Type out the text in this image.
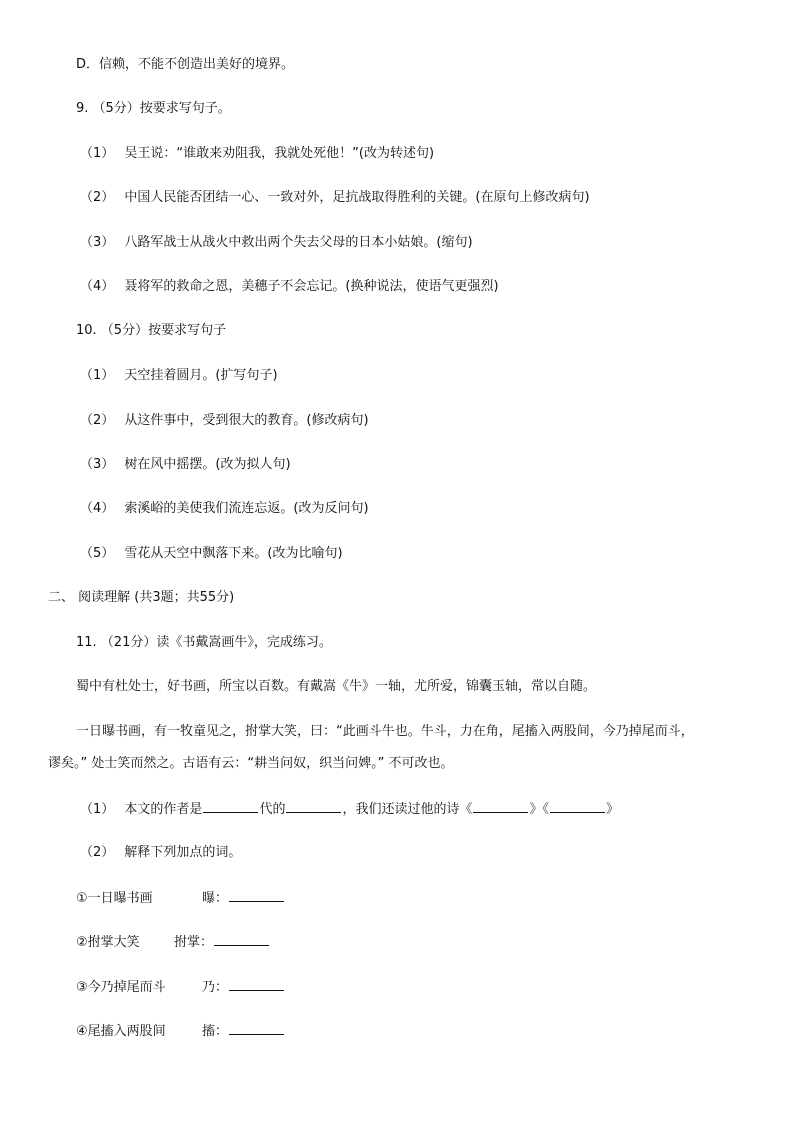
D．信赖，不能不创造出美好的境界。
9. （5分）按要求写句子。
（1） 吴王说：“谁敢来劝阻我，我就处死他！”(改为转述句)
（2） 中国人民能否团结一心、一致对外，足抗战取得胜利的关键。(在原句上修改病句)
（3） 八路军战士从战火中救出两个失去父母的日本小姑娘。(缩句)
（4） 聂将军的救命之恩，美穗子不会忘记。(换种说法，使语气更强烈)
10. （5分）按要求写句子
（1） 天空挂着圆月。(扩写句子)
（2） 从这件事中，受到很大的教育。(修改病句)
（3） 树在风中摇摆。(改为拟人句)
（4） 索溪峪的美使我们流连忘返。(改为反问句)
（5） 雪花从天空中飘落下来。(改为比喻句)
二、 阅读理解 (共3题；共55分)
11. （21分）读《书戴嵩画牛》，完成练习。
蜀中有杜处士，好书画，所宝以百数。有戴嵩《牛》一轴，尤所爱，锦囊玉轴，常以自随。
一日曝书画，有一牧童见之，拊掌大笑，曰：“此画斗牛也。牛斗，力在角，尾搐入两股间，今乃掉尾而斗，
谬矣。” 处士笑而然之。古语有云：“耕当问奴，织当问婢。” 不可改也。
（1） 本文的作者是	代的	，我们还读过他的诗《	》《	》
（2） 解释下列加点的词。
①一日曝书画	曝：
②拊掌大笑	拊掌：
③今乃掉尾而斗	乃：
④尾搐入两股间	搐：
